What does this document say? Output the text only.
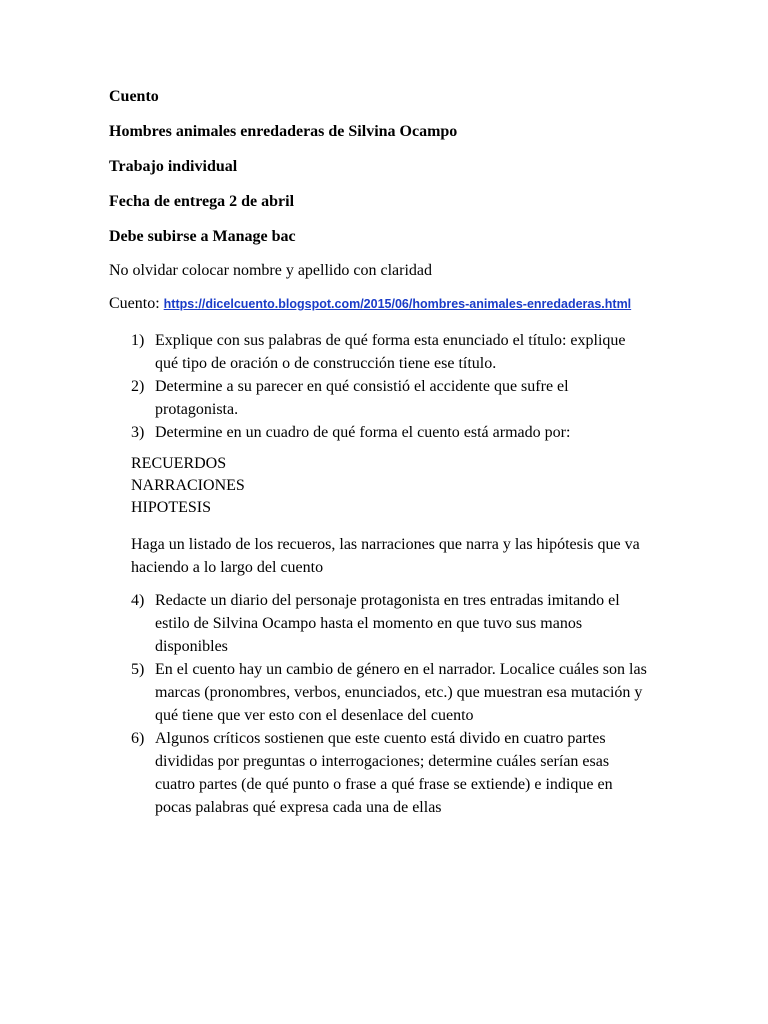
Cuento
Hombres animales enredaderas de Silvina Ocampo
Trabajo individual
Fecha de entrega 2 de abril
Debe subirse a Manage bac
No olvidar colocar nombre y apellido con claridad
Cuento: https://dicelcuento.blogspot.com/2015/06/hombres-animales-enredaderas.html
1) Explique con sus palabras de qué forma esta enunciado el título: explique qué tipo de oración o de construcción tiene ese título.
2) Determine a su parecer en qué consistió el accidente que sufre el protagonista.
3) Determine en un cuadro de qué forma el cuento está armado por:
RECUERDOS
NARRACIONES
HIPOTESIS
Haga un listado de los recueros, las narraciones que narra y las hipótesis que va haciendo a lo largo del cuento
4) Redacte un diario del personaje protagonista en tres entradas imitando el estilo de Silvina Ocampo hasta el momento en que tuvo sus manos disponibles
5) En el cuento hay un cambio de género en el narrador. Localice cuáles son las marcas (pronombres, verbos, enunciados, etc.) que muestran esa mutación y qué tiene que ver esto con el desenlace del cuento
6) Algunos críticos sostienen que este cuento está divido en cuatro partes divididas por preguntas o interrogaciones; determine cuáles serían esas cuatro partes (de qué punto o frase a qué frase se extiende) e indique en pocas palabras qué expresa cada una de ellas
